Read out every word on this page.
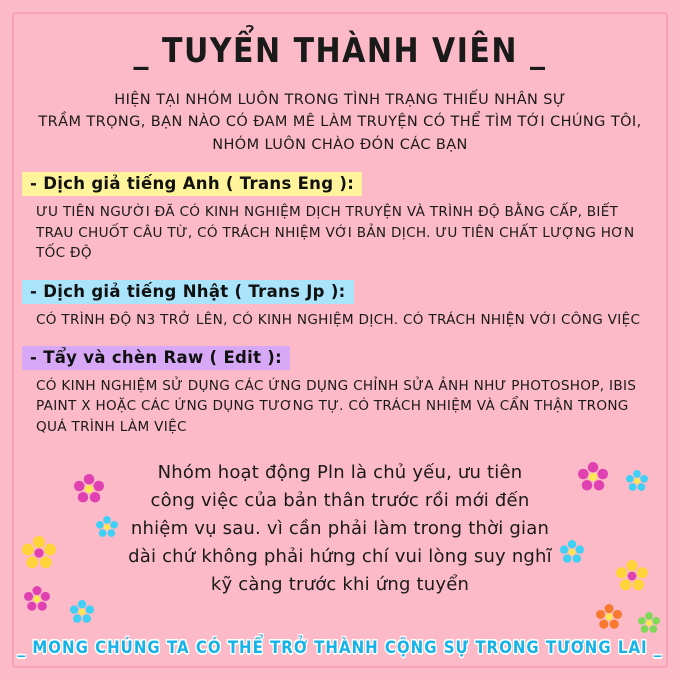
_ TUYỂN THÀNH VIÊN _
HIỆN TẠI NHÓM LUÔN TRONG TÌNH TRẠNG THIẾU NHÂN SỰ
TRẦM TRỌNG, BẠN NÀO CÓ ĐAM MÊ LÀM TRUYỆN CÓ THỂ TÌM TỚI CHÚNG TÔI,
NHÓM LUÔN CHÀO ĐÓN CÁC BẠN
- Dịch giả tiếng Anh ( Trans Eng ):
ƯU TIÊN NGƯỜI ĐÃ CÓ KINH NGHIỆM DỊCH TRUYỆN VÀ TRÌNH ĐỘ BẰNG CẤP, BIẾT TRAU CHUỐT CÂU TỪ, CÓ TRÁCH NHIỆM VỚI BẢN DỊCH. ƯU TIÊN CHẤT LƯỢNG HƠN TỐC ĐỘ
- Dịch giả tiếng Nhật ( Trans Jp ):
CÓ TRÌNH ĐỘ N3 TRỞ LÊN, CÓ KINH NGHIỆM DỊCH. CÓ TRÁCH NHIỆN VỚI CÔNG VIỆC
- Tẩy và chèn Raw ( Edit ):
CÓ KINH NGHIỆM SỬ DỤNG CÁC ỨNG DỤNG CHỈNH SỬA ẢNH NHƯ PHOTOSHOP, IBIS PAINT X HOẶC CÁC ỨNG DỤNG TƯƠNG TỰ. CÓ TRÁCH NHIỆM VÀ CẨN THẬN TRONG QUÁ TRÌNH LÀM VIỆC
Nhóm hoạt động Pln là chủ yếu, ưu tiên
công việc của bản thân trước rồi mới đến
nhiệm vụ sau. vì cần phải làm trong thời gian
dài chứ không phải hứng chí vui lòng suy nghĩ
kỹ càng trước khi ứng tuyển
_ MONG CHÚNG TA CÓ THỂ TRỞ THÀNH CỘNG SỰ TRONG TƯƠNG LAI _
